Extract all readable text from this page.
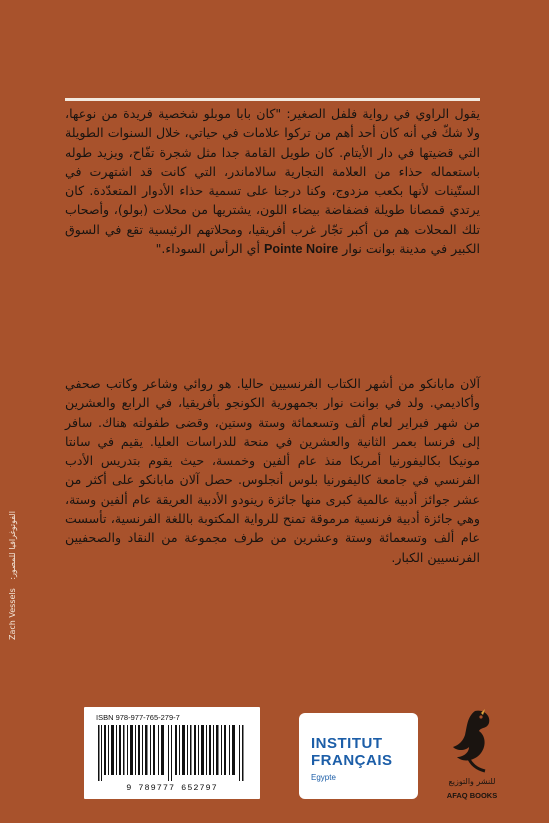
يقول الراوي في رواية فلفل الصغير: "كان بابا موبلو شخصية فريدة من نوعها، ولا شكّ في أنه كان أحد أهم من تركوا علامات في حياتي، خلال السنوات الطويلة التي قضيتها في دار الأيتام. كان طويل القامة جدا مثل شجرة تفّاح، ويزيد طوله باستعماله حذاء من العلامة التجارية سالاماندر، التي كانت قد اشتهرت في الستّينات لأنها بكعب مزدوج، وكنا درجنا على تسمية حذاء الأدوار المتعدّدة. كان يرتدي قمصانا طويلة فضفاضة بيضاء اللون، يشتريها من محلات (بولو)، وأصحاب تلك المحلات هم من أكبر تجّار غرب أفريقيا، ومحلاتهم الرئيسية تقع في السوق الكبير في مدينة بوانت نوار Pointe Noire أي الرأس السوداء."

آلان مابانكو من أشهر الكتاب الفرنسيين حاليا. هو روائي وشاعر وكاتب صحفي وأكاديمي. ولد في بوانت نوار بجمهورية الكونجو بأفريقيا، في الرابع والعشرين من شهر فبراير لعام ألف وتسعمائة وستة وستين، وقضى طفولته هناك. سافر إلى فرنسا بعمر الثانية والعشرين في منحة للدراسات العليا. يقيم في سانتا مونيكا بكاليفورنيا أمريكا منذ عام ألفين وخمسة، حيث يقوم بتدريس الأدب الفرنسي في جامعة كاليفورنيا بلوس أنجلوس. حصل آلان مابانكو على أكثر من عشر جوائز أدبية عالمية كبرى منها جائزة رينودو الأدبية العريقة عام ألفين وستة، وهي جائزة أدبية فرنسية مرموقة تمنح للرواية المكتوبة باللغة الفرنسية، تأسست عام ألف وتسعمائة وستة وعشرين من طرف مجموعة من النقاد والصحفيين الفرنسيين الكبار.

Zach Vessels الفوتوغرافيا للمصور:
ISBN 978-977-765-279-7
9 789777 652797
INSTITUT
FRANÇAIS
Egypte	للنشر والتوزيع
AFAQ BOOKS
